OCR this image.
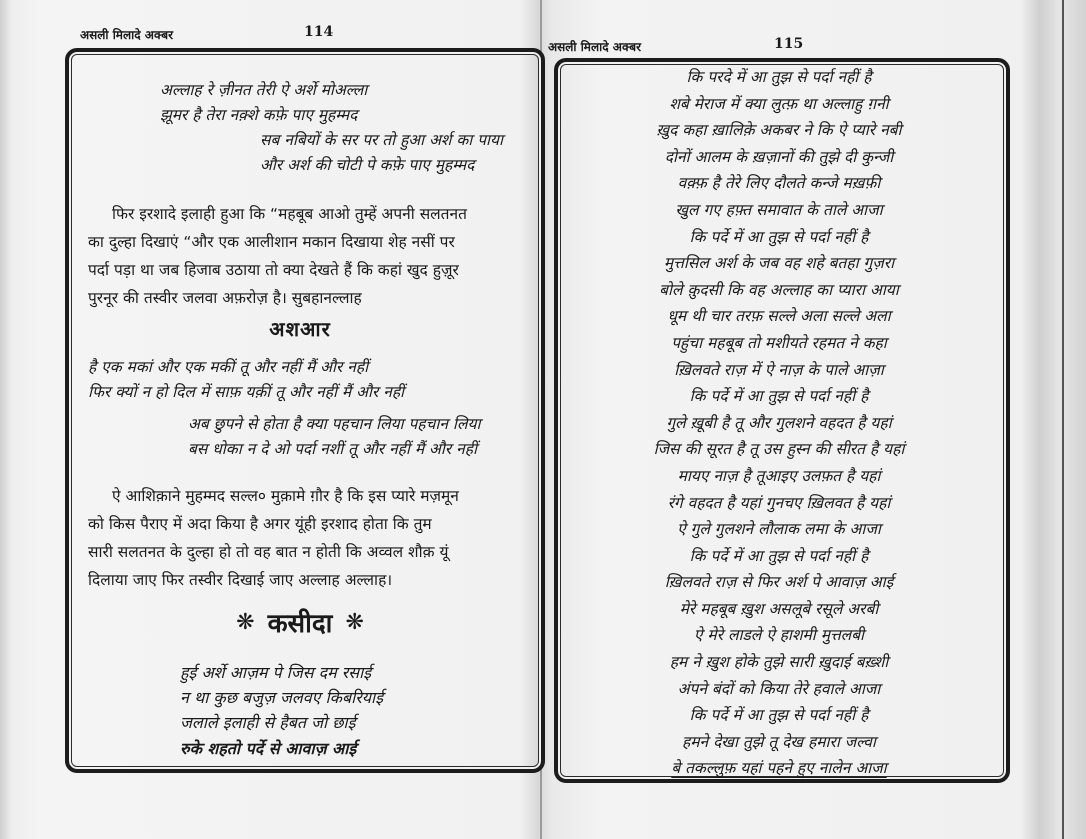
असली मिलादे अक्बर	114
अल्लाह रे ज़ीनत तेरी ऐ अर्शे मोअल्ला
झूमर है तेरा नक़्शे कफ़े पाए मुहम्मद
सब नबियों के सर पर तो हुआ अर्श का पाया
और अर्श की चोटी पे कफ़े पाए मुहम्मद
फिर इरशादे इलाही हुआ कि “महबूब आओ तुम्हें अपनी सलतनत
का दुल्हा दिखाएं “और एक आलीशान मकान दिखाया शेह नसीं पर
पर्दा पड़ा था जब हिजाब उठाया तो क्या देखते हैं कि कहां खुद हुज़ूर
पुरनूर की तस्वीर जलवा अफ़रोज़ है। सुबहानल्लाह
अशआर
है एक मकां और एक मकीं तू और नहीं मैं और नहीं
फिर क्यों न हो दिल में साफ़ यक़ीं तू और नहीं मैं और नहीं
अब छुपने से होता है क्या पहचान लिया पहचान लिया
बस धोका न दे ओ पर्दा नशीं तू और नहीं मैं और नहीं
ऐ आशिक़ाने मुहम्मद सल्ल० मुक़ामे ग़ौर है कि इस प्यारे मज़मून
को किस पैराए में अदा किया है अगर यूंही इरशाद होता कि तुम
सारी सलतनत के दुल्हा हो तो वह बात न होती कि अव्वल शौक़ यूं
दिलाया जाए फिर तस्वीर दिखाई जाए अल्लाह अल्लाह।
❋ कसीदा ❋
हुई अर्शे आज़म पे जिस दम रसाई
न था कुछ बजुज़ जलवए किबरियाई
जलाले इलाही से हैबत जो छाई
रुके शहतो पर्दे से आवाज़ आई
असली मिलादे अक्बर	115
कि परदे में आ तुझ से पर्दा नहीं है
शबे मेराज में क्या लुत्फ़ था अल्लाहु ग़नी
ख़ुद कहा ख़ालिक़े अकबर ने कि ऐ प्यारे नबी
दोनों आलम के ख़ज़ानों की तुझे दी कुन्जी
वक़्फ़ है तेरे लिए दौलते कन्जे मख़फ़ी
खुल गए हफ़्त समावात के ताले आजा
कि पर्दे में आ तुझ से पर्दा नहीं है
मुत्तसिल अर्श के जब वह शहे बतहा गुज़रा
बोले क़ुदसी कि वह अल्लाह का प्यारा आया
धूम थी चार तरफ़ सल्ले अला सल्ले अला
पहुंचा महबूब तो मशीयते रहमत ने कहा
ख़िलवते राज़ में ऐ नाज़ के पाले आज़ा
कि पर्दे में आ तुझ से पर्दा नहीं है
गुले ख़ूबी है तू और गुलशने वहदत है यहां
जिस की सूरत है तू उस हुस्न की सीरत है यहां
मायए नाज़ है तूआइए उलफ़त है यहां
रंगे वहदत है यहां गुनचए ख़िलवत है यहां
ऐ गुले गुलशने लौलाक लमा के आजा
कि पर्दे में आ तुझ से पर्दा नहीं है
ख़िलवते राज़ से फिर अर्श पे आवाज़ आई
मेरे महबूब ख़ुश असलूबे रसूले अरबी
ऐ मेरे लाडले ऐ हाशमी मुत्तलबी
हम ने ख़ुश होके तुझे सारी ख़ुदाई बख़्शी
अंपने बंदों को किया तेरे हवाले आजा
कि पर्दे में आ तुझ से पर्दा नहीं है
हमने देखा तुझे तू देख हमारा जल्वा
बे तकल्लुफ़ यहां पहने हुए नालेन आजा
